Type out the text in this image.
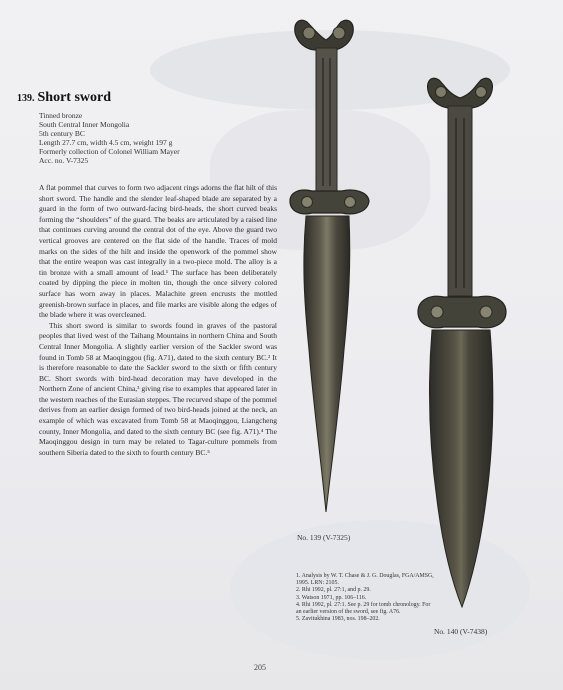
139. Short sword
Tinned bronze
South Central Inner Mongolia
5th century BC
Length 27.7 cm, width 4.5 cm, weight 197 g
Formerly collection of Colonel William Mayer
Acc. no. V-7325

A flat pommel that curves to form two adjacent rings adorns the flat hilt of this short sword. The handle and the slender leaf-shaped blade are separated by a guard in the form of two outward-facing bird-heads, the short curved beaks forming the “shoulders” of the guard. The beaks are articulated by a raised line that continues curving around the central dot of the eye. Above the guard two vertical grooves are centered on the flat side of the handle. Traces of mold marks on the sides of the hilt and inside the openwork of the pommel show that the entire weapon was cast integrally in a two-piece mold. The alloy is a tin bronze with a small amount of lead.¹ The surface has been deliberately coated by dipping the piece in molten tin, though the once silvery colored surface has worn away in places. Malachite green encrusts the mottled greenish-brown surface in places, and file marks are visible along the edges of the blade where it was overcleaned.

This short sword is similar to swords found in graves of the pastoral peoples that lived west of the Taihang Mountains in northern China and South Central Inner Mongolia. A slightly earlier version of the Sackler sword was found in Tomb 58 at Maoqinggou (fig. A71), dated to the sixth century BC.² It is therefore reasonable to date the Sackler sword to the sixth or fifth century BC. Short swords with bird-head decoration may have developed in the Northern Zone of ancient China,³ giving rise to examples that appeared later in the western reaches of the Eurasian steppes. The recurved shape of the pommel derives from an earlier design formed of two bird-heads joined at the neck, an example of which was excavated from Tomb 58 at Maoqinggou, Liangcheng county, Inner Mongolia, and dated to the sixth century BC (see fig. A71).⁴ The Maoqinggou design in turn may be related to Tagar-culture pommels from southern Siberia dated to the sixth to fourth century BC.⁵

No. 139 (V-7325)
No. 140 (V-7438)
1. Analysis by W. T. Chase & J. G. Douglas, FGA/AMSG, 1995. LRN: 2105.
2. Rhi 1992, pl. 27:1, and p. 29.
3. Watson 1971, pp. 106–116.
4. Rhi 1992, pl. 27:1. See p. 29 for tomb chronology. For an earlier version of the sword, see fig. A76.
5. Zavitukhina 1983, nos. 198–202.
205
